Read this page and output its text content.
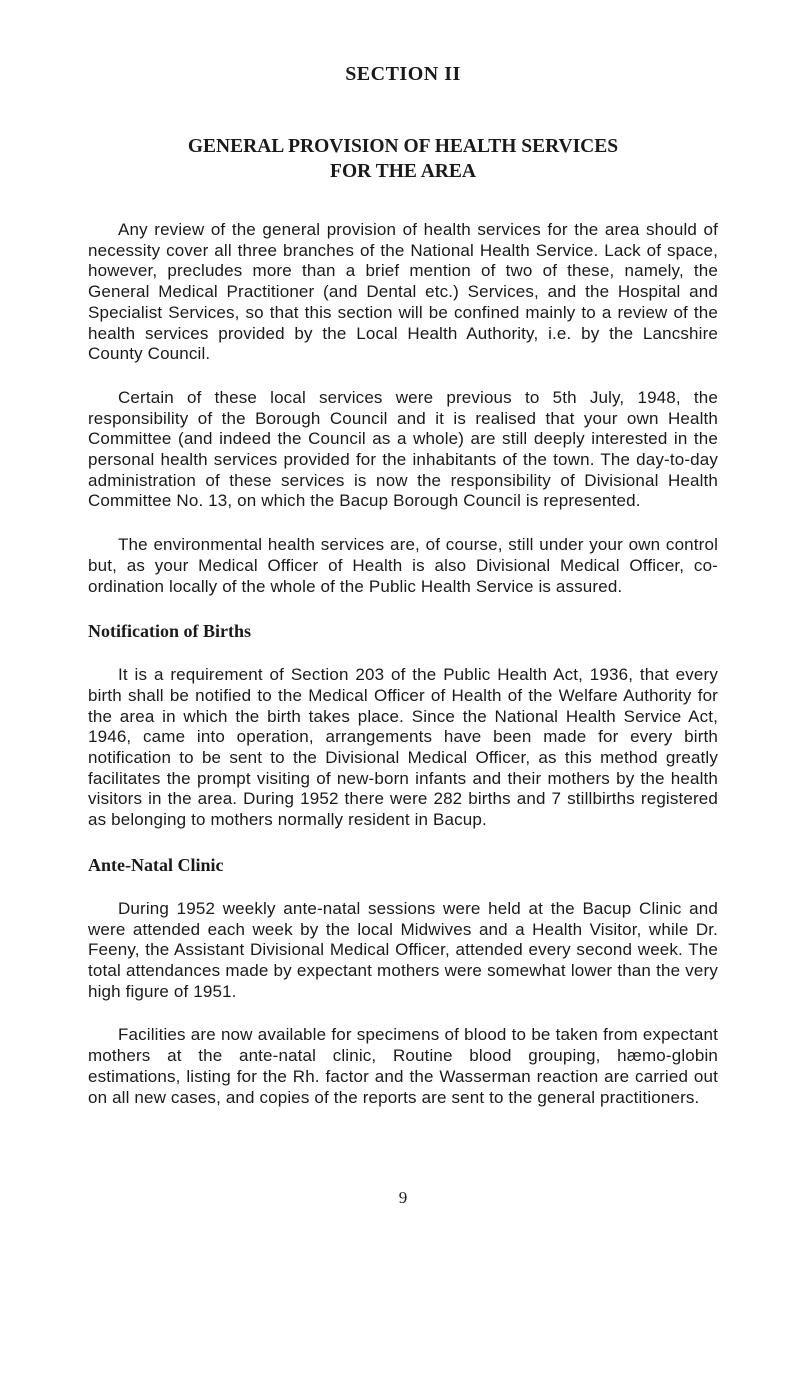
SECTION II
GENERAL PROVISION OF HEALTH SERVICES
FOR THE AREA

Any review of the general provision of health services for the area should of necessity cover all three branches of the National Health Service. Lack of space, however, precludes more than a brief mention of two of these, namely, the General Medical Practitioner (and Dental etc.) Services, and the Hospital and Specialist Services, so that this section will be confined mainly to a review of the health services provided by the Local Health Authority, i.e. by the Lancshire County Council.

Certain of these local services were previous to 5th July, 1948, the responsibility of the Borough Council and it is realised that your own Health Committee (and indeed the Council as a whole) are still deeply interested in the personal health services provided for the inhabitants of the town. The day-to-day administration of these services is now the responsibility of Divisional Health Committee No. 13, on which the Bacup Borough Council is represented.

The environmental health services are, of course, still under your own control but, as your Medical Officer of Health is also Divisional Medical Officer, co-ordination locally of the whole of the Public Health Service is assured.

Notification of Births

It is a requirement of Section 203 of the Public Health Act, 1936, that every birth shall be notified to the Medical Officer of Health of the Welfare Authority for the area in which the birth takes place. Since the National Health Service Act, 1946, came into operation, arrangements have been made for every birth notification to be sent to the Divisional Medical Officer, as this method greatly facilitates the prompt visiting of new-born infants and their mothers by the health visitors in the area. During 1952 there were 282 births and 7 stillbirths registered as belonging to mothers normally resident in Bacup.

Ante-Natal Clinic

During 1952 weekly ante-natal sessions were held at the Bacup Clinic and were attended each week by the local Midwives and a Health Visitor, while Dr. Feeny, the Assistant Divisional Medical Officer, attended every second week. The total attendances made by expectant mothers were somewhat lower than the very high figure of 1951.

Facilities are now available for specimens of blood to be taken from expectant mothers at the ante-natal clinic, Routine blood grouping, hæmo-globin estimations, listing for the Rh. factor and the Wasserman reaction are carried out on all new cases, and copies of the reports are sent to the general practitioners.

9
